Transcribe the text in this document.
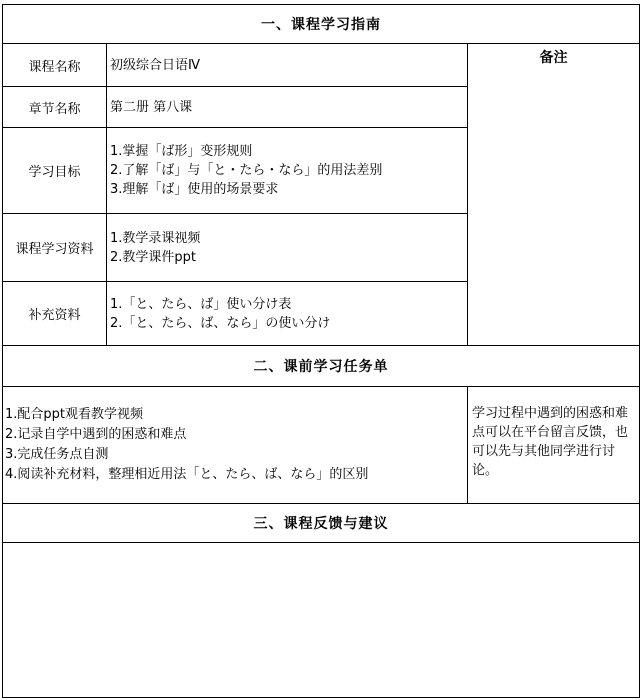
一、课程学习指南
课程名称
章节名称
学习目标
课程学习资料
补充资料
初级综合日语Ⅳ
第二册 第八课
1.掌握「ば形」变形规则
2.了解「ば」与「と・たら・なら」的用法差别
3.理解「ば」使用的场景要求
1.教学录课视频
2.教学课件ppt
1.「と、たら、ば」使い分け表
2.「と、たら、ば、なら」の使い分け
备注
二、课前学习任务单
1.配合ppt观看教学视频
2.记录自学中遇到的困惑和难点
3.完成任务点自测
4.阅读补充材料，整理相近用法「と、たら、ば、なら」的区别
学习过程中遇到的困惑和难点可以在平台留言反馈，也可以先与其他同学进行讨论。
三、课程反馈与建议
